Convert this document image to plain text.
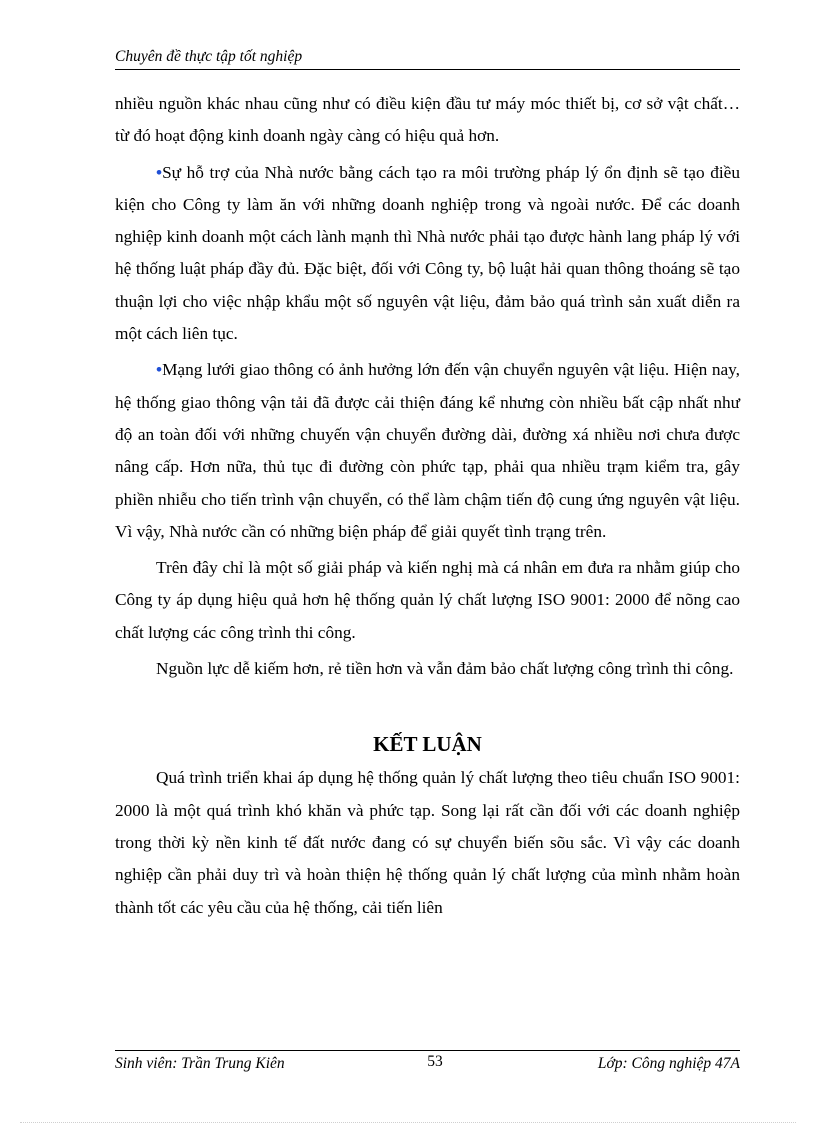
Chuyên đề thực tập tốt nghiệp

nhiều nguồn khác nhau cũng như có điều kiện đầu tư máy móc thiết bị, cơ sở vật chất… từ đó hoạt động kinh doanh ngày càng có hiệu quả hơn.

•Sự hỗ trợ của Nhà nước bằng cách tạo ra môi trường pháp lý ổn định sẽ tạo điều kiện cho Công ty làm ăn với những doanh nghiệp trong và ngoài nước. Để các doanh nghiệp kinh doanh một cách lành mạnh thì Nhà nước phải tạo được hành lang pháp lý với hệ thống luật pháp đầy đủ. Đặc biệt, đối với Công ty, bộ luật hải quan thông thoáng sẽ tạo thuận lợi cho việc nhập khẩu một số nguyên vật liệu, đảm bảo quá trình sản xuất diễn ra một cách liên tục.

•Mạng lưới giao thông có ảnh hưởng lớn đến vận chuyển nguyên vật liệu. Hiện nay, hệ thống giao thông vận tải đã được cải thiện đáng kể nhưng còn nhiều bất cập nhất như độ an toàn đối với những chuyến vận chuyển đường dài, đường xá nhiều nơi chưa được nâng cấp. Hơn nữa, thủ tục đi đường còn phức tạp, phải qua nhiều trạm kiểm tra, gây phiền nhiễu cho tiến trình vận chuyển, có thể làm chậm tiến độ cung ứng nguyên vật liệu. Vì vậy, Nhà nước cần có những biện pháp để giải quyết tình trạng trên.

Trên đây chỉ là một số giải pháp và kiến nghị mà cá nhân em đưa ra nhằm giúp cho Công ty áp dụng hiệu quả hơn hệ thống quản lý chất lượng ISO 9001: 2000 để nõng cao chất lượng các công trình thi công.

Nguồn lực dễ kiếm hơn, rẻ tiền hơn và vẫn đảm bảo chất lượng công trình thi công.

KẾT LUẬN

Quá trình triển khai áp dụng hệ thống quản lý chất lượng theo tiêu chuẩn ISO 9001: 2000 là một quá trình khó khăn và phức tạp. Song lại rất cần đối với các doanh nghiệp trong thời kỳ nền kinh tế đất nước đang có sự chuyển biến sõu sắc. Vì vậy các doanh nghiệp cần phải duy trì và hoàn thiện hệ thống quản lý chất lượng của mình nhằm hoàn thành tốt các yêu cầu của hệ thống, cải tiến liên

Sinh viên: Trần Trung Kiên	53	Lớp: Công nghiệp 47A
